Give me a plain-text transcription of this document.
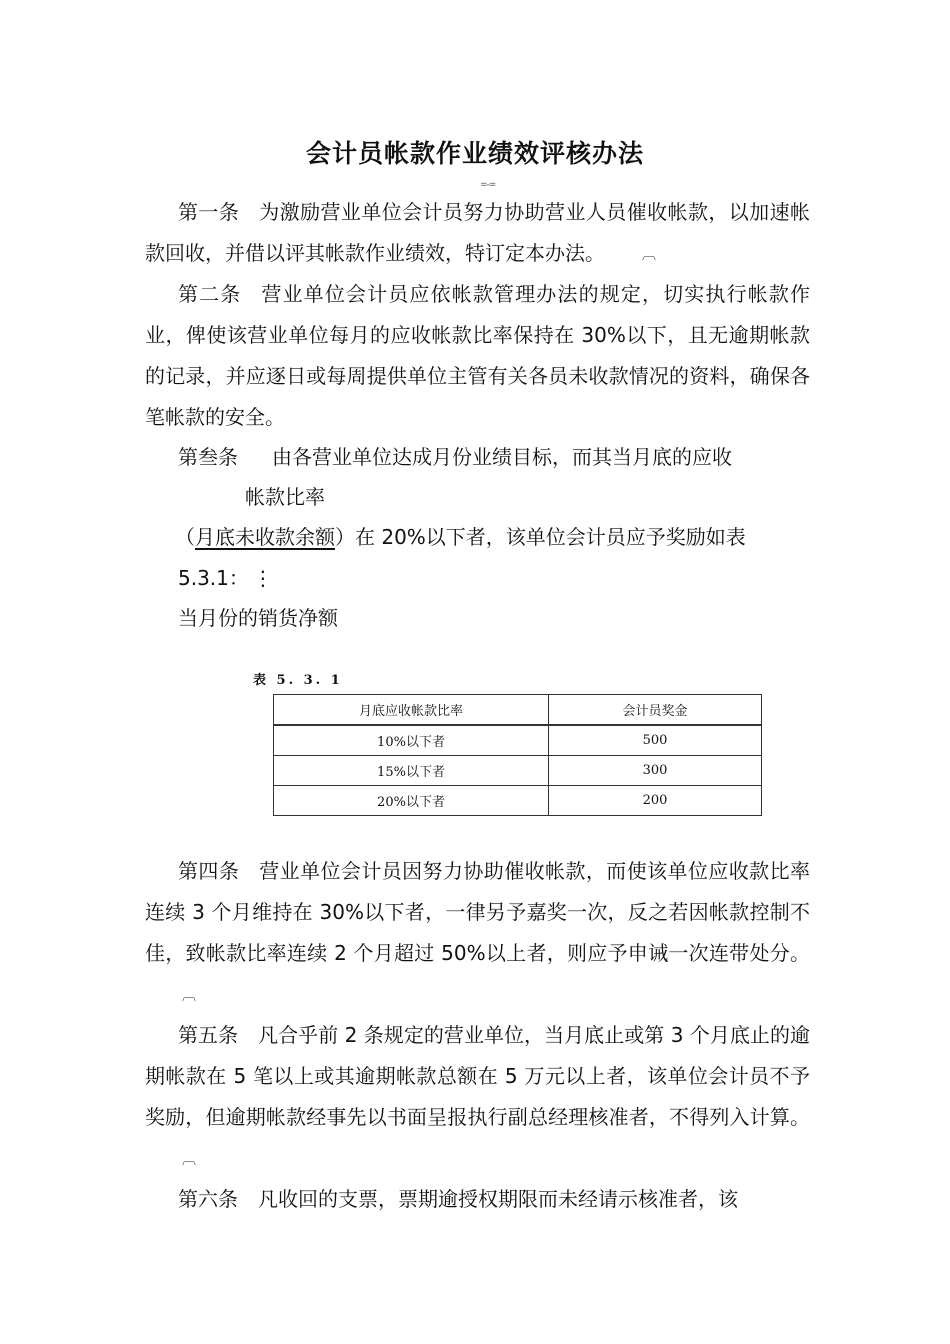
会计员帐款作业绩效评核办法
=-=

第一条 为激励营业单位会计员努力协助营业人员催收帐款，以加速帐款回收，并借以评其帐款作业绩效，特订定本办法。	︹

第二条 营业单位会计员应依帐款管理办法的规定，切实执行帐款作业，俾使该营业单位每月的应收帐款比率保持在 30%以下，且无逾期帐款的记录，并应逐日或每周提供单位主管有关各员未收款情况的资料，确保各笔帐款的安全。

第叁条 由各营业单位达成月份业绩目标，而其当月底的应收

帐款比率

（月底未收款余额）在 20%以下者，该单位会计员应予奖励如表

5.3.1： ⋮

当月份的销货净额

表 5. 3. 1

月底应收帐款比率	会计员奖金
10%以下者	500
15%以下者	300
20%以下者	200

第四条 营业单位会计员因努力协助催收帐款，而使该单位应收款比率连续 3 个月维持在 30%以下者，一律另予嘉奖一次，反之若因帐款控制不佳，致帐款比率连续 2 个月超过 50%以上者，则应予申诫一次连带处分。︹

第五条 凡合乎前 2 条规定的营业单位，当月底止或第 3 个月底止的逾期帐款在 5 笔以上或其逾期帐款总额在 5 万元以上者，该单位会计员不予奖励，但逾期帐款经事先以书面呈报执行副总经理核准者，不得列入计算。︹

第六条 凡收回的支票，票期逾授权期限而未经请示核准者，该
